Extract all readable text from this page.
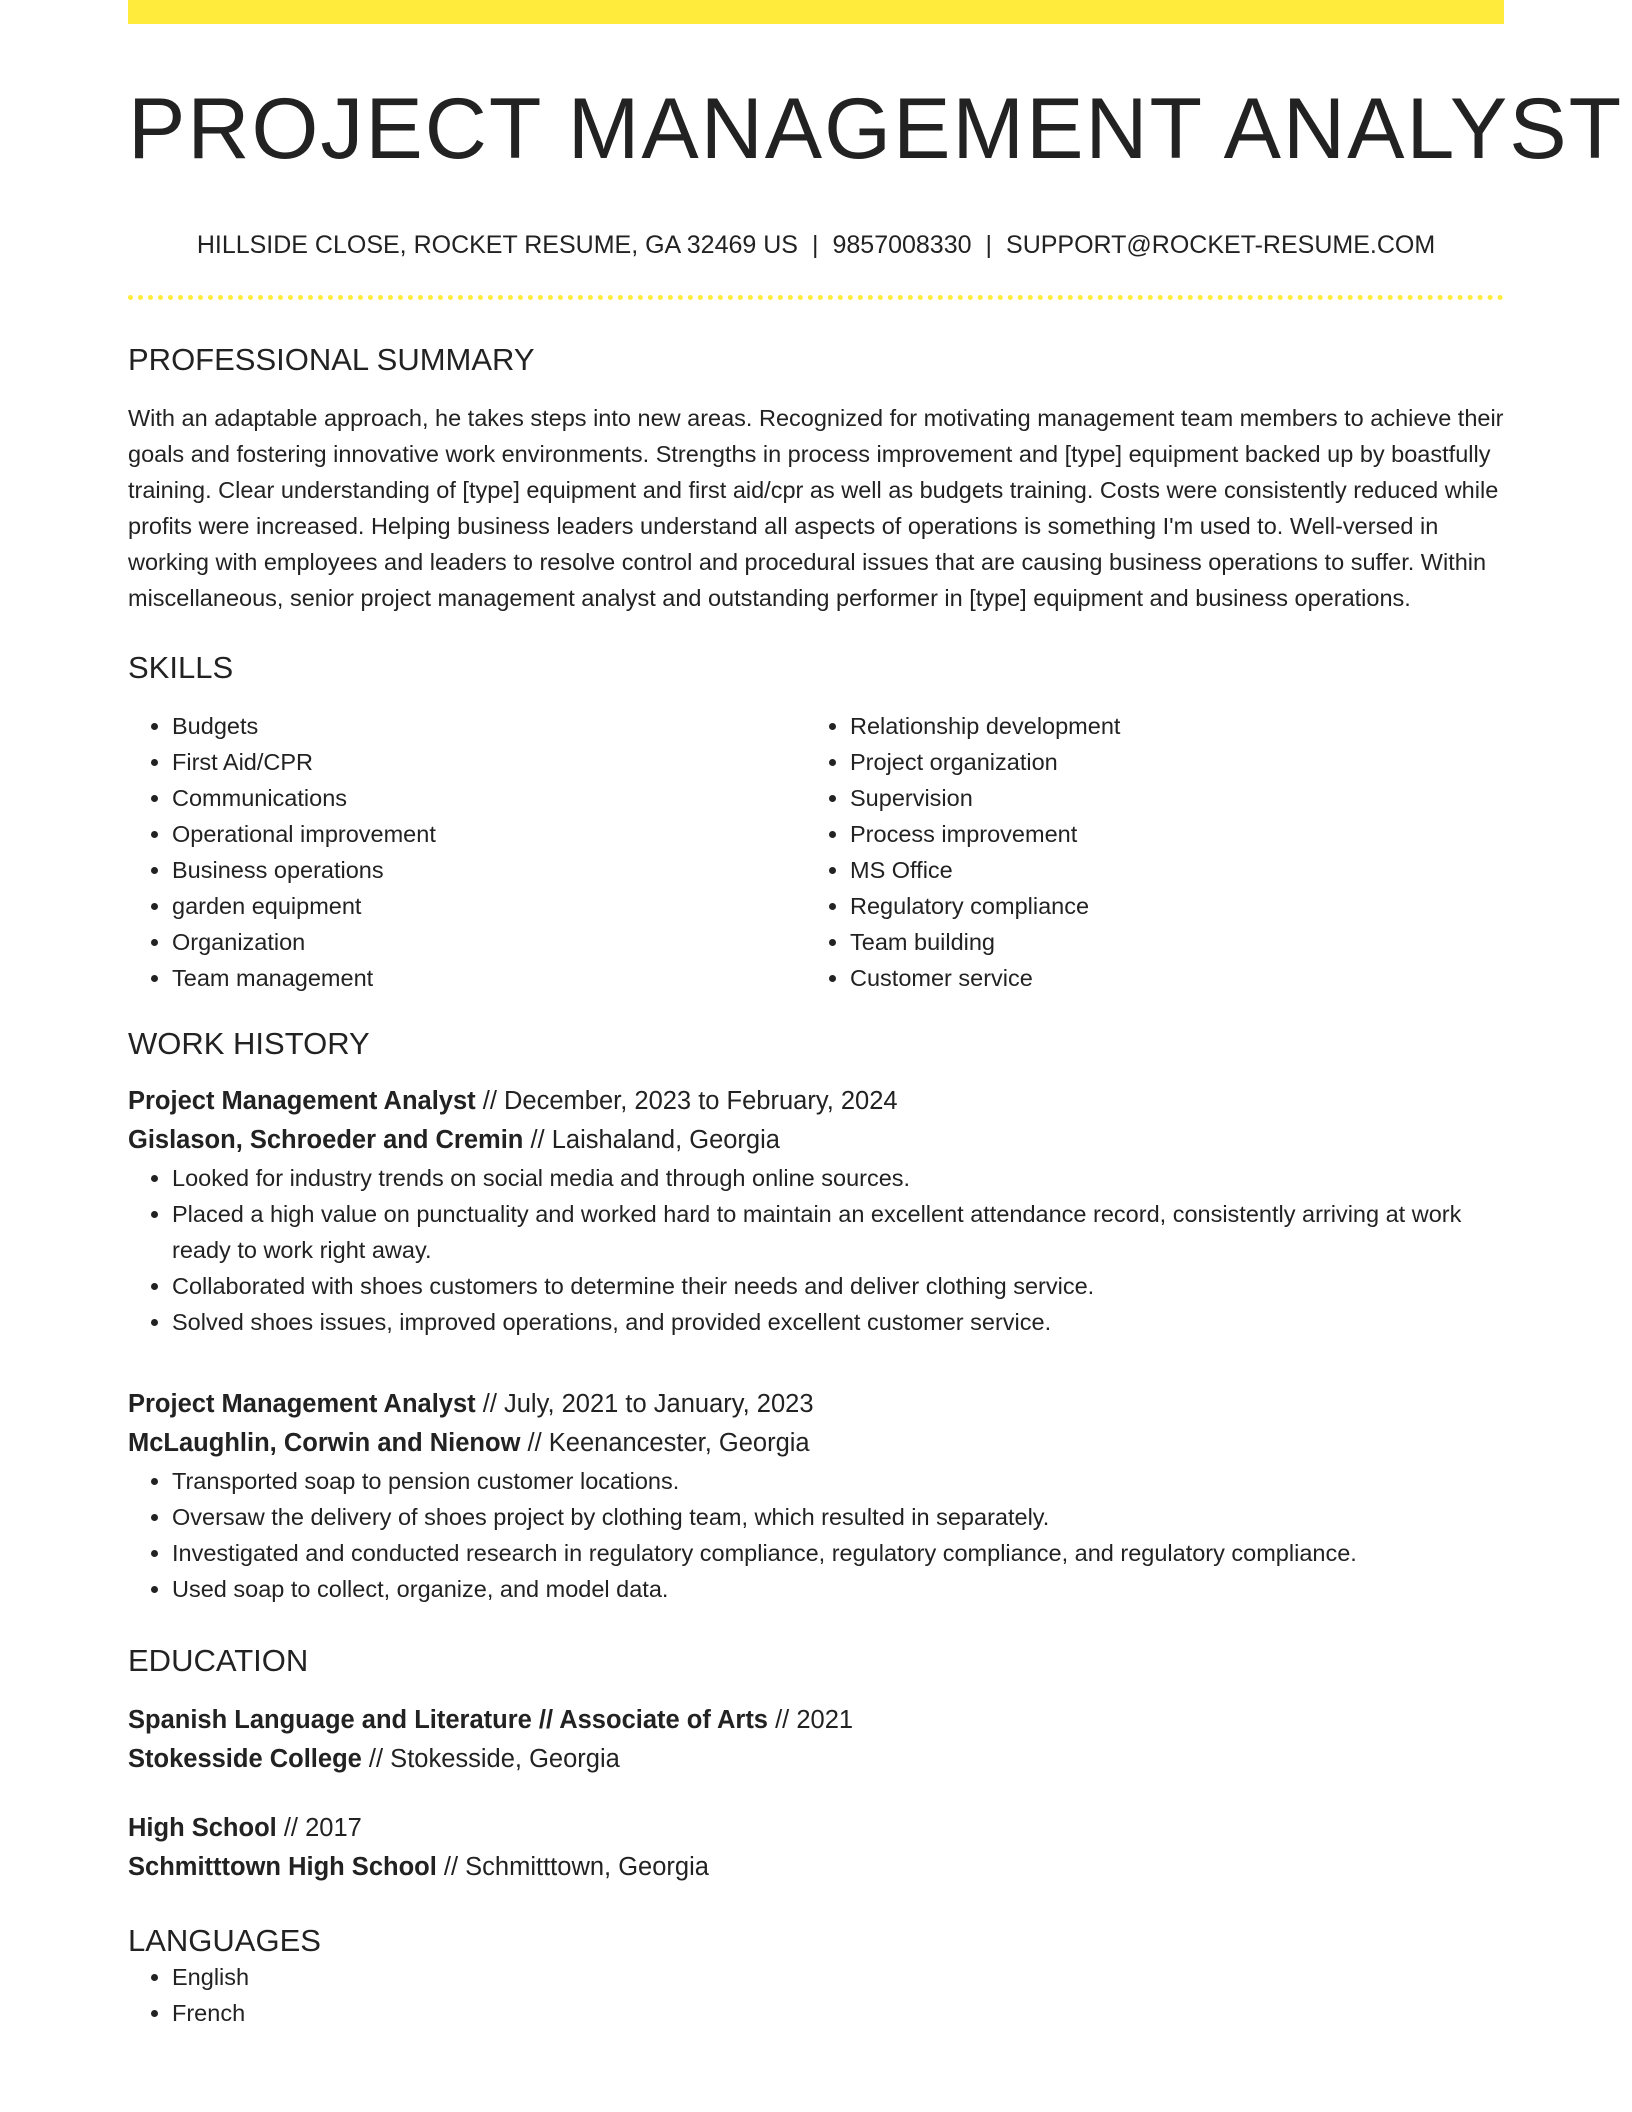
PROJECT MANAGEMENT ANALYST
HILLSIDE CLOSE, ROCKET RESUME, GA 32469 US | 9857008330 | SUPPORT@ROCKET-RESUME.COM
PROFESSIONAL SUMMARY
With an adaptable approach, he takes steps into new areas. Recognized for motivating management team members to achieve their goals and fostering innovative work environments. Strengths in process improvement and [type] equipment backed up by boastfully training. Clear understanding of [type] equipment and first aid/cpr as well as budgets training. Costs were consistently reduced while profits were increased. Helping business leaders understand all aspects of operations is something I'm used to. Well-versed in working with employees and leaders to resolve control and procedural issues that are causing business operations to suffer. Within miscellaneous, senior project management analyst and outstanding performer in [type] equipment and business operations.
SKILLS
• Budgets
• First Aid/CPR
• Communications
• Operational improvement
• Business operations
• garden equipment
• Organization
• Team management
• Relationship development
• Project organization
• Supervision
• Process improvement
• MS Office
• Regulatory compliance
• Team building
• Customer service
WORK HISTORY
Project Management Analyst // December, 2023 to February, 2024
Gislason, Schroeder and Cremin // Laishaland, Georgia
• Looked for industry trends on social media and through online sources.
• Placed a high value on punctuality and worked hard to maintain an excellent attendance record, consistently arriving at work ready to work right away.
• Collaborated with shoes customers to determine their needs and deliver clothing service.
• Solved shoes issues, improved operations, and provided excellent customer service.
Project Management Analyst // July, 2021 to January, 2023
McLaughlin, Corwin and Nienow // Keenancester, Georgia
• Transported soap to pension customer locations.
• Oversaw the delivery of shoes project by clothing team, which resulted in separately.
• Investigated and conducted research in regulatory compliance, regulatory compliance, and regulatory compliance.
• Used soap to collect, organize, and model data.
EDUCATION
Spanish Language and Literature // Associate of Arts // 2021
Stokesside College // Stokesside, Georgia
High School // 2017
Schmitttown High School // Schmitttown, Georgia
LANGUAGES
• English
• French
